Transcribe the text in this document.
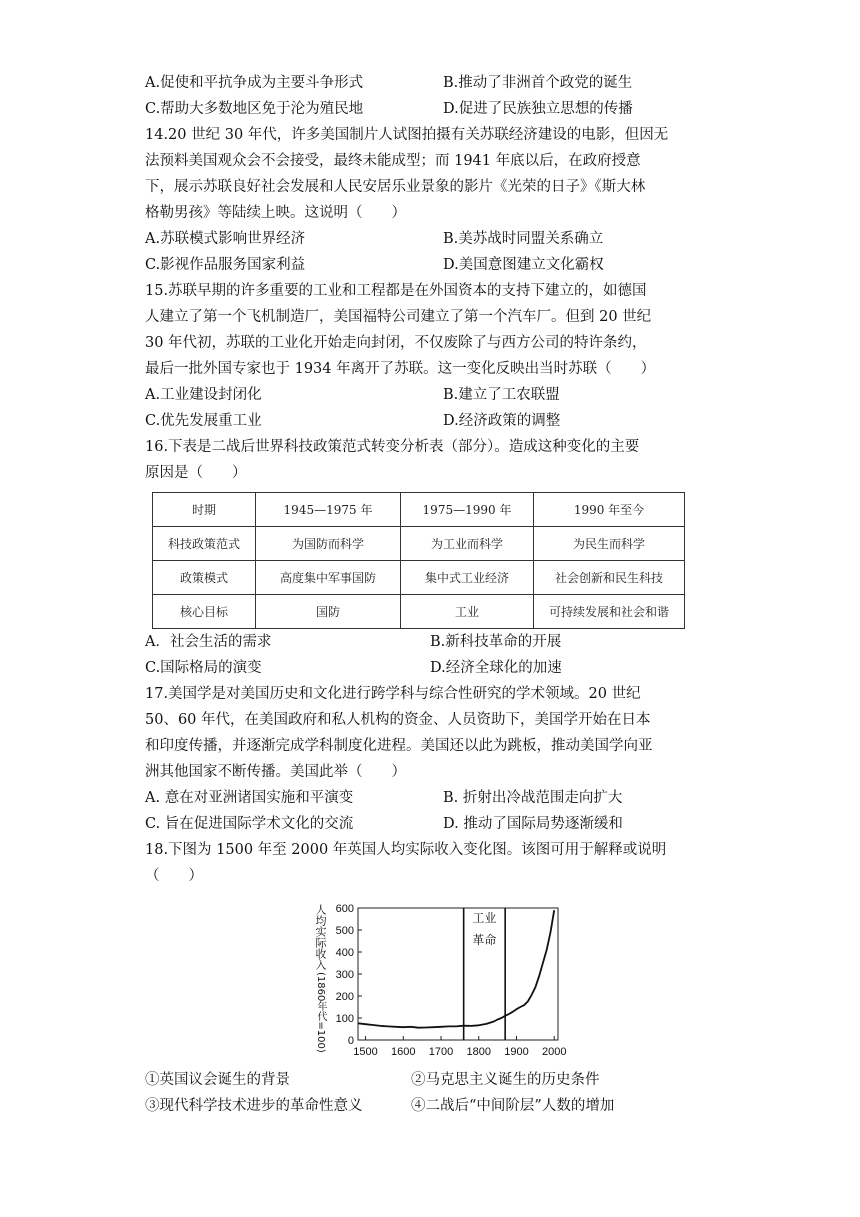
A.促使和平抗争成为主要斗争形式	B.推动了非洲首个政党的诞生
C.帮助大多数地区免于沦为殖民地	D.促进了民族独立思想的传播
14.20 世纪 30 年代，许多美国制片人试图拍摄有关苏联经济建设的电影，但因无
法预料美国观众会不会接受，最终未能成型；而 1941 年底以后，在政府授意
下，展示苏联良好社会发展和人民安居乐业景象的影片《光荣的日子》《斯大林
格勒男孩》等陆续上映。这说明（　　）
A.苏联模式影响世界经济	B.美苏战时同盟关系确立
C.影视作品服务国家利益	D.美国意图建立文化霸权
15.苏联早期的许多重要的工业和工程都是在外国资本的支持下建立的，如德国
人建立了第一个飞机制造厂，美国福特公司建立了第一个汽车厂。但到 20 世纪
30 年代初，苏联的工业化开始走向封闭，不仅废除了与西方公司的特许条约，
最后一批外国专家也于 1934 年离开了苏联。这一变化反映出当时苏联（　　）
A.工业建设封闭化	B.建立了工农联盟
C.优先发展重工业	D.经济政策的调整
16.下表是二战后世界科技政策范式转变分析表（部分）。造成这种变化的主要
原因是（　　）
时期	1945—1975 年	1975—1990 年	1990 年至今
科技政策范式	为国防而科学	为工业而科学	为民生而科学
政策模式	高度集中军事国防	集中式工业经济	社会创新和民生科技
核心目标	国防	工业	可持续发展和社会和谐
A．社会生活的需求	B.新科技革命的开展
C.国际格局的演变	D.经济全球化的加速
17.美国学是对美国历史和文化进行跨学科与综合性研究的学术领域。20 世纪
50、60 年代，在美国政府和私人机构的资金、人员资助下，美国学开始在日本
和印度传播，并逐渐完成学科制度化进程。美国还以此为跳板，推动美国学向亚
洲其他国家不断传播。美国此举（　　）
A. 意在对亚洲诸国实施和平演变	B. 折射出冷战范围走向扩大
C. 旨在促进国际学术文化的交流	D. 推动了国际局势逐渐缓和
18.下图为 1500 年至 2000 年英国人均实际收入变化图。该图可用于解释或说明
（　　）
人均实际收入
(1860年代=100) 0
100
200
300
400
500
600
1500 1600 1700 1800 1900 2000
工业
革命
①英国议会诞生的背景	②马克思主义诞生的历史条件
③现代科学技术进步的革命性意义	④二战后“中间阶层”人数的增加
